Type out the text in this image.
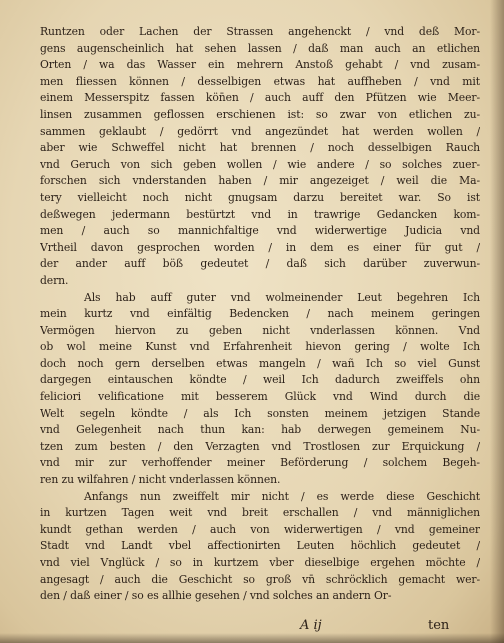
Runtzen oder Lachen der Strassen angehenckt / vnd deß Mor-
gens augenscheinlich hat sehen lassen / daß man auch an etlichen
Orten / wa das Wasser ein mehrern Anstoß gehabt / vnd zusam-
men fliessen können / desselbigen etwas hat auffheben / vnd mit
einem Messerspitz fassen kön̄en / auch auff den Pfützen wie Meer-
linsen zusammen geflossen erschienen ist: so zwar von etlichen zu-
sammen geklaubt / gedörrt vnd angezündet hat werden wollen /
aber wie Schweffel nicht hat brennen / noch desselbigen Rauch
vnd Geruch von sich geben wollen / wie andere / so solches zuer-
forschen sich vnderstanden haben / mir angezeiget / weil die Ma-
tery vielleicht noch nicht gnugsam darzu bereitet war. So ist
deßwegen jedermann bestürtzt vnd in trawrige Gedancken kom-
men / auch so mannichfaltige vnd widerwertige Judicia vnd
Vrtheil davon gesprochen worden / in dem es einer für gut /
der ander auff böß gedeutet / daß sich darüber zuverwun-
dern.
Als hab auff guter vnd wolmeinender Leut begehren Ich
mein kurtz vnd einfältig Bedencken / nach meinem geringen
Vermögen hiervon zu geben nicht vnderlassen können. Vnd
ob wol meine Kunst vnd Erfahrenheit hievon gering / wolte Ich
doch noch gern derselben etwas mangeln / wañ Ich so viel Gunst
dargegen eintauschen köndte / weil Ich dadurch zweiffels ohn
feliciori velificatione mit besserem Glück vnd Wind durch die
Welt segeln köndte / als Ich sonsten meinem jetzigen Stande
vnd Gelegenheit nach thun kan: hab derwegen gemeinem Nu-
tzen zum besten / den Verzagten vnd Trostlosen zur Erquickung /
vnd mir zur verhoffender meiner Beförderung / solchem Begeh-
ren zu wilfahren / nicht vnderlassen können.
Anfangs nun zweiffelt mir nicht / es werde diese Geschicht
in kurtzen Tagen weit vnd breit erschallen / vnd männiglichen
kundt gethan werden / auch von widerwertigen / vnd gemeiner
Stadt vnd Landt vbel affectionirten Leuten höchlich gedeutet /
vnd viel Vnglück / so in kurtzem vber dieselbige ergehen möchte /
angesagt / auch die Geschicht so groß vn̄ schröcklich gemacht wer-
den / daß einer / so es allhie gesehen / vnd solches an andern Or-
A ij	ten
